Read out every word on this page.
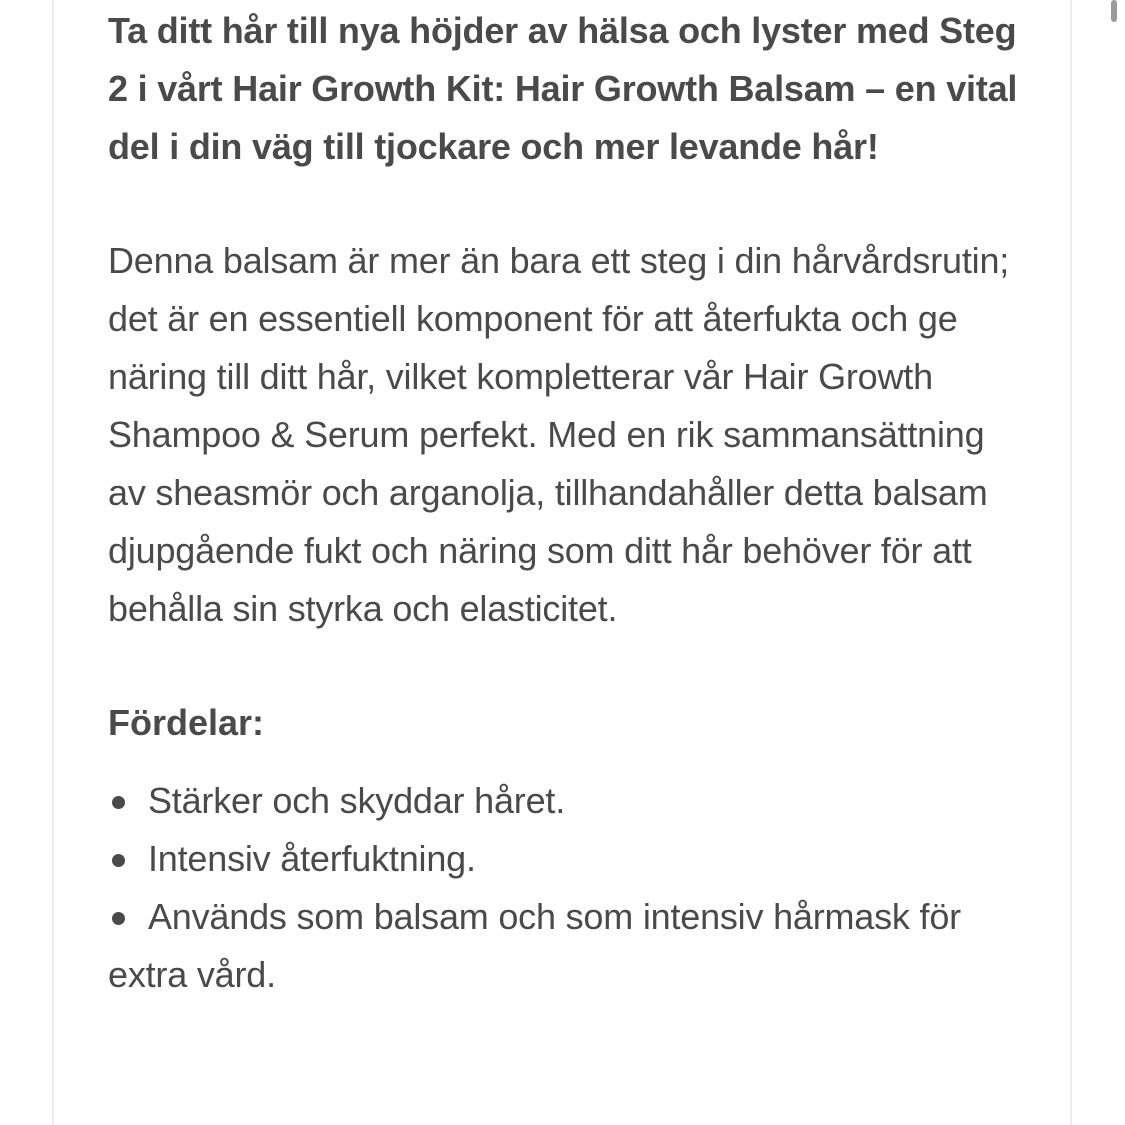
Ta ditt hår till nya höjder av hälsa och lyster med Steg 2 i vårt Hair Growth Kit: Hair Growth Balsam – en vital del i din väg till tjockare och mer levande hår!

Denna balsam är mer än bara ett steg i din hårvårdsrutin; det är en essentiell komponent för att återfukta och ge näring till ditt hår, vilket kompletterar vår Hair Growth Shampoo & Serum perfekt. Med en rik sammansättning av sheasmör och arganolja, tillhandahåller detta balsam djupgående fukt och näring som ditt hår behöver för att behålla sin styrka och elasticitet.

Fördelar:

Stärker och skyddar håret.
Intensiv återfuktning.
Används som balsam och som intensiv hårmask för extra vård.
